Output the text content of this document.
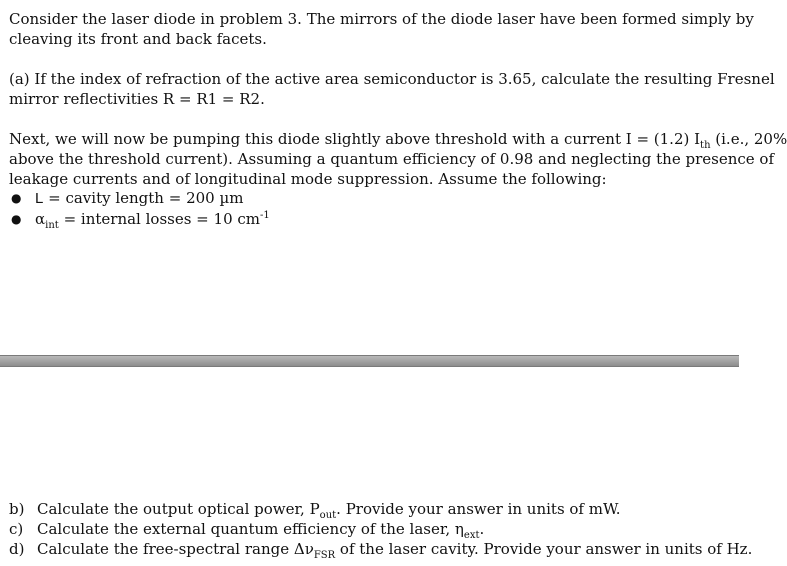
Consider the laser diode in problem 3. The mirrors of the diode laser have been formed simply by
cleaving its front and back facets.
(a) If the index of refraction of the active area semiconductor is 3.65, calculate the resulting Fresnel
mirror reflectivities R = R1 = R2.
Next, we will now be pumping this diode slightly above threshold with a current I = (1.2) $I_{th}$ (i.e., 20%
above the threshold current). Assuming a quantum efficiency of 0.98 and neglecting the presence of
leakage currents and of longitudinal mode suppression. Assume the following:
● L = cavity length = 200 µm
● $\alpha_{int}$ = internal losses = 10 $cm^{-1}$
b) Calculate the output optical power, $P_{out}$. Provide your answer in units of mW.
c) Calculate the external quantum efficiency of the laser, $\eta_{ext}$.
d) Calculate the free-spectral range $\Delta\nu_{FSR}$ of the laser cavity. Provide your answer in units of Hz.
